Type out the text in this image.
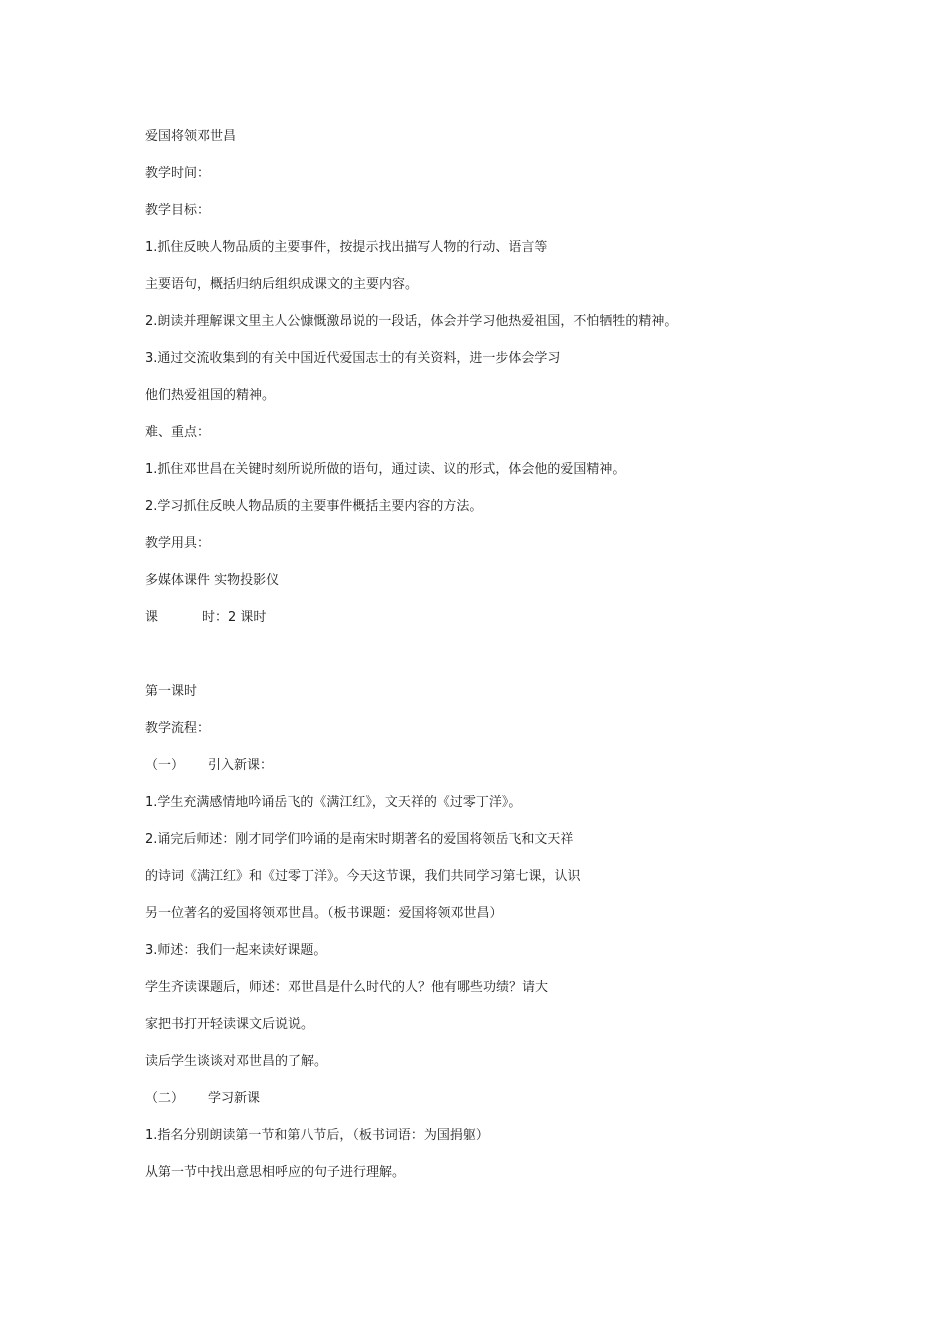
爱国将领邓世昌
教学时间：
教学目标：
1.抓住反映人物品质的主要事件，按提示找出描写人物的行动、语言等
主要语句，概括归纳后组织成课文的主要内容。
2.朗读并理解课文里主人公慷慨激昂说的一段话，体会并学习他热爱祖国，不怕牺牲的精神。
3.通过交流收集到的有关中国近代爱国志士的有关资料，进一步体会学习
他们热爱祖国的精神。
难、重点：
1.抓住邓世昌在关键时刻所说所做的语句，通过读、议的形式，体会他的爱国精神。
2.学习抓住反映人物品质的主要事件概括主要内容的方法。
教学用具：
多媒体课件 实物投影仪
课	时：2 课时
第一课时
教学流程：
（一） 引入新课：
1.学生充满感情地吟诵岳飞的《满江红》，文天祥的《过零丁洋》。
2.诵完后师述：刚才同学们吟诵的是南宋时期著名的爱国将领岳飞和文天祥
的诗词《满江红》和《过零丁洋》。今天这节课，我们共同学习第七课，认识
另一位著名的爱国将领邓世昌。（板书课题：爱国将领邓世昌）
3.师述：我们一起来读好课题。
学生齐读课题后，师述：邓世昌是什么时代的人？他有哪些功绩？请大
家把书打开轻读课文后说说。
读后学生谈谈对邓世昌的了解。
（二） 学习新课
1.指名分别朗读第一节和第八节后，（板书词语：为国捐躯）
从第一节中找出意思相呼应的句子进行理解。
